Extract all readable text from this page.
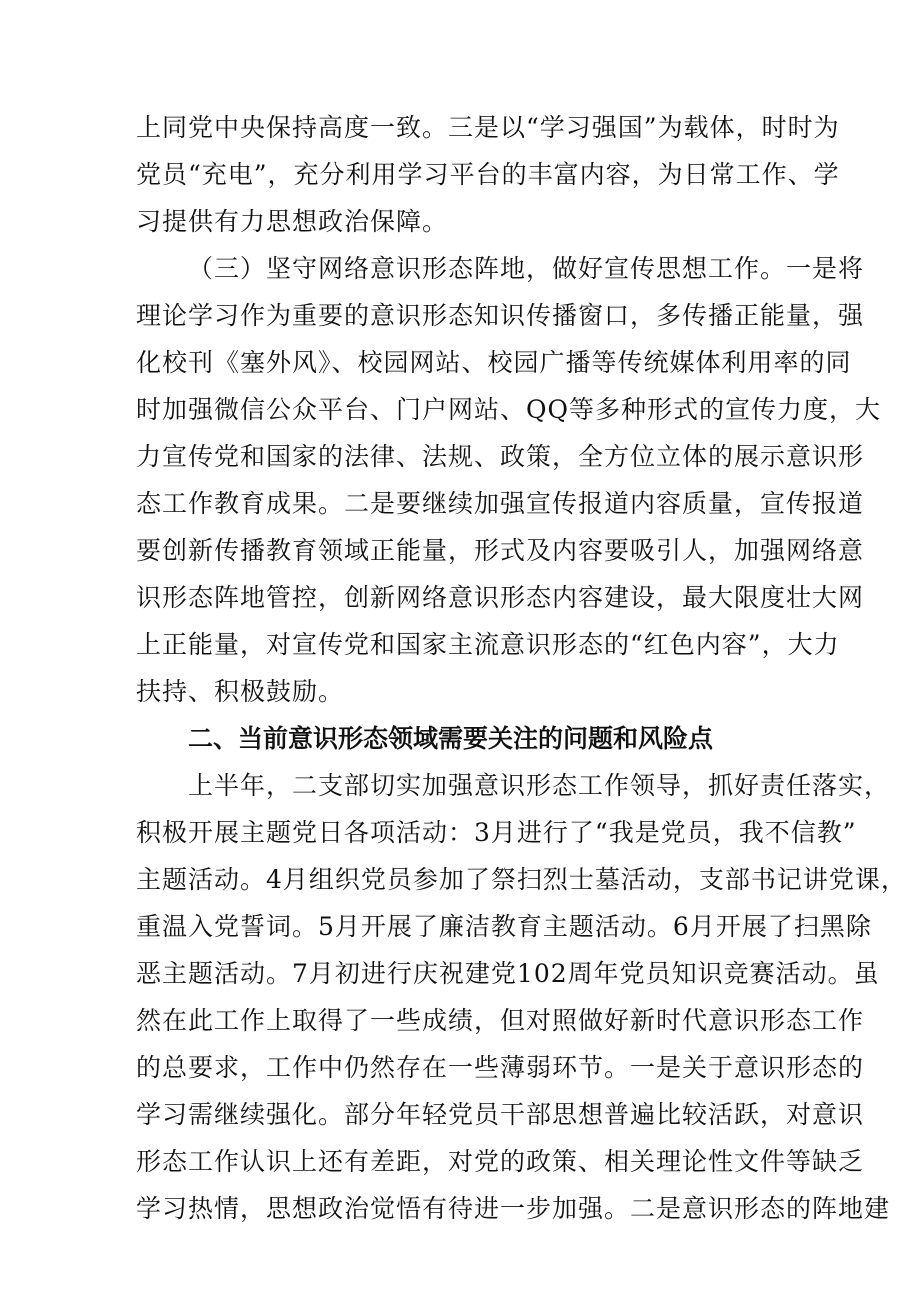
上同党中央保持高度一致。三是以“学习强国”为载体，时时为
党员“充电”，充分利用学习平台的丰富内容，为日常工作、学
习提供有力思想政治保障。
（三）坚守网络意识形态阵地，做好宣传思想工作。一是将
理论学习作为重要的意识形态知识传播窗口，多传播正能量，强
化校刊《塞外风》、校园网站、校园广播等传统媒体利用率的同
时加强微信公众平台、门户网站、QQ等多种形式的宣传力度，大
力宣传党和国家的法律、法规、政策，全方位立体的展示意识形
态工作教育成果。二是要继续加强宣传报道内容质量，宣传报道
要创新传播教育领域正能量，形式及内容要吸引人，加强网络意
识形态阵地管控，创新网络意识形态内容建设，最大限度壮大网
上正能量，对宣传党和国家主流意识形态的“红色内容”，大力
扶持、积极鼓励。
二、当前意识形态领域需要关注的问题和风险点
上半年，二支部切实加强意识形态工作领导，抓好责任落实，
积极开展主题党日各项活动：3月进行了“我是党员，我不信教”
主题活动。4月组织党员参加了祭扫烈士墓活动，支部书记讲党课，
重温入党誓词。5月开展了廉洁教育主题活动。6月开展了扫黑除
恶主题活动。7月初进行庆祝建党102周年党员知识竞赛活动。虽
然在此工作上取得了一些成绩，但对照做好新时代意识形态工作
的总要求，工作中仍然存在一些薄弱环节。一是关于意识形态的
学习需继续强化。部分年轻党员干部思想普遍比较活跃，对意识
形态工作认识上还有差距，对党的政策、相关理论性文件等缺乏
学习热情，思想政治觉悟有待进一步加强。二是意识形态的阵地建
